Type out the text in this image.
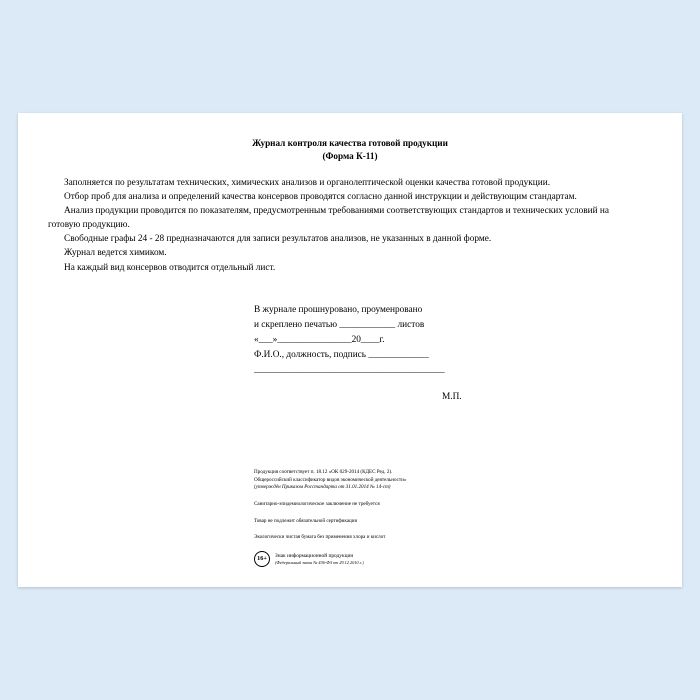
Журнал контроля качества готовой продукции
(Форма К-11)

Заполняется по результатам технических, химических анализов и органолептической оценки качества готовой продукции.

Отбор проб для анализа и определений качества консервов проводятся согласно данной инструкции и действующим стандартам.

Анализ продукции проводится по показателям, предусмотренным требованиями соответствующих стандартов и технических условий на

готовую продукцию.

Свободные графы 24 - 28 предназначаются для записи результатов анализов, не указанных в данной форме.

Журнал ведется химиком.

На каждый вид консервов отводится отдельный лист.

В журнале прошнуровано, проуменровано
и скреплено печатью ____________ листов
«___»________________20____г.
Ф.И.О., должность, подпись _____________
_________________________________________
М.П.
Продукция соответствует п. 18.12 «ОК 029-2014 (КДЕС Ред. 2).
Общероссийский классификатор видов экономической деятельности»
(утверждён Приказом Росстандарта от 31.01.2014 № 14-ст)
Санитарно-эпидемиологическое заключение не требуется
Товар не подлежит обязательной сертификации
Экологически чистая бумага без применения хлора и кислот
16+	Знак информационной продукции
(Федеральный закон № 436-ФЗ от 29.12.2010 г.)
